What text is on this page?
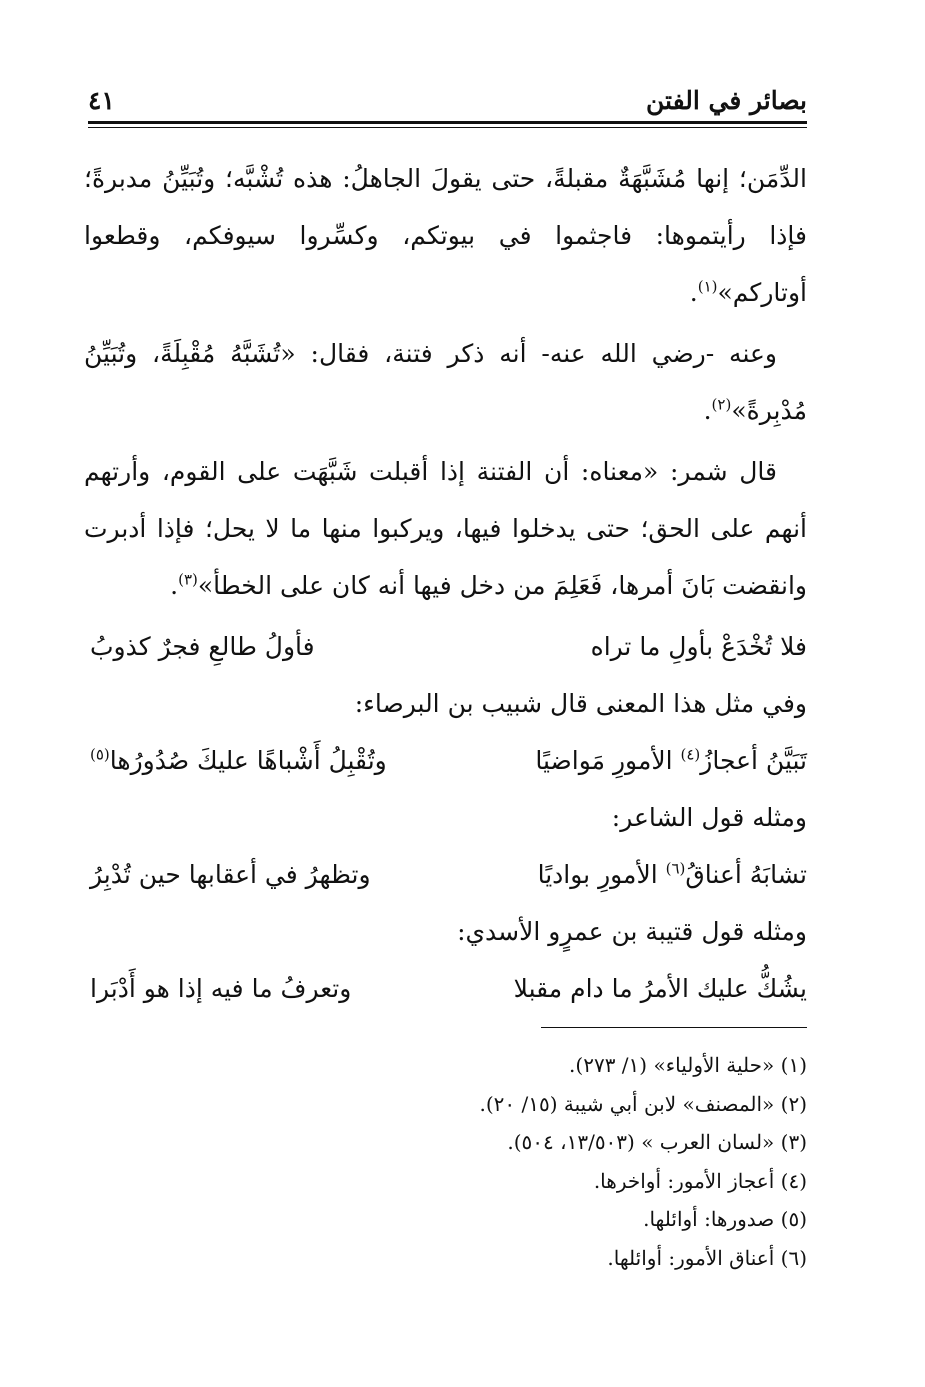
بصائر في الفتن
٤١

الدِّمَن؛ إنها مُشَبَّهَةٌ مقبلةً، حتى يقولَ الجاهلُ: هذه تُشْبَّه؛ وتُبَيِّنُ مدبرةً؛ فإذا رأيتموها: فاجثموا في بيوتكم، وكسِّروا سيوفكم، وقطعوا أوتاركم»$^{(١)}$.

وعنه -رضي الله عنه- أنه ذكر فتنة، فقال: «تُشَبَّهُ مُقْبِلَةً، وتُبَيِّنُ مُدْبِرةً»$^{(٢)}$.

قال شمر: «معناه: أن الفتنة إذا أقبلت شَبَّهَت على القوم، وأرتهم أنهم على الحق؛ حتى يدخلوا فيها، ويركبوا منها ما لا يحل؛ فإذا أدبرت وانقضت بَانَ أمرها، فَعَلِمَ من دخل فيها أنه كان على الخطأ»$^{(٣)}$.

فلا تُخْدَعْ بأولِ ما تراه
فأولُ طالعِ فجرٌ كذوبُ
وفي مثل هذا المعنى قال شبيب بن البرصاء:
تَبَيَّنُ أعجازُ$^{(٤)}$ الأمورِ مَواضيًا
وتُقْبِلُ أَشْباهًا عليكَ صُدُورُها$^{(٥)}$
ومثله قول الشاعر:
تشابَهُ أعناقُ$^{(٦)}$ الأمورِ بواديًا
وتظهرُ في أعقابها حين تُدْبِرُ
ومثله قول قتيبة بن عمرٍو الأسدي:
يشُكُّ عليك الأمرُ ما دام مقبلا
وتعرفُ ما فيه إذا هو أَدْبَرا
(١) «حلية الأولياء» (١/ ٢٧٣).
(٢) «المصنف» لابن أبي شيبة (١٥/ ٢٠).
(٣) «لسان العرب » (١٣/٥٠٣، ٥٠٤).
(٤) أعجاز الأمور: أواخرها.
(٥) صدورها: أوائلها.
(٦) أعناق الأمور: أوائلها.
